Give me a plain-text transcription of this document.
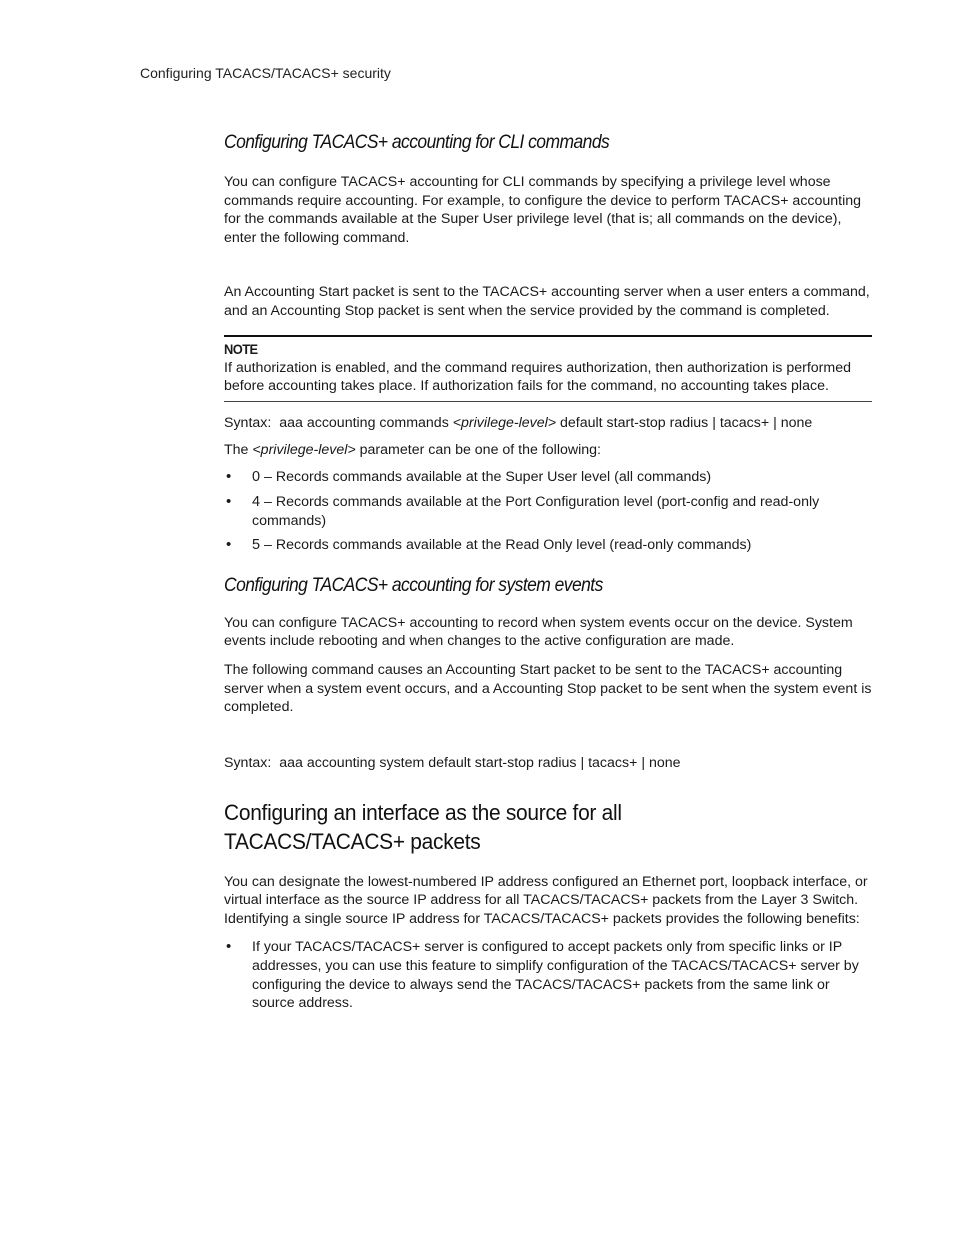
Configuring TACACS/TACACS+ security
Configuring TACACS+ accounting for CLI commands

You can configure TACACS+ accounting for CLI commands by specifying a privilege level whose commands require accounting. For example, to configure the device to perform TACACS+ accounting for the commands available at the Super User privilege level (that is; all commands on the device), enter the following command.

An Accounting Start packet is sent to the TACACS+ accounting server when a user enters a command, and an Accounting Stop packet is sent when the service provided by the command is completed.

NOTE

If authorization is enabled, and the command requires authorization, then authorization is performed before accounting takes place. If authorization fails for the command, no accounting takes place.

Syntax: aaa accounting commands <privilege-level> default start-stop radius | tacacs+ | none

The <privilege-level> parameter can be one of the following:

• 0 – Records commands available at the Super User level (all commands)
• 4 – Records commands available at the Port Configuration level (port-config and read-only commands)
• 5 – Records commands available at the Read Only level (read-only commands)
Configuring TACACS+ accounting for system events

You can configure TACACS+ accounting to record when system events occur on the device. System events include rebooting and when changes to the active configuration are made.

The following command causes an Accounting Start packet to be sent to the TACACS+ accounting server when a system event occurs, and a Accounting Stop packet to be sent when the system event is completed.

Syntax: aaa accounting system default start-stop radius | tacacs+ | none
Configuring an interface as the source for all
TACACS/TACACS+ packets

You can designate the lowest-numbered IP address configured an Ethernet port, loopback interface, or virtual interface as the source IP address for all TACACS/TACACS+ packets from the Layer 3 Switch. Identifying a single source IP address for TACACS/TACACS+ packets provides the following benefits:

• If your TACACS/TACACS+ server is configured to accept packets only from specific links or IP addresses, you can use this feature to simplify configuration of the TACACS/TACACS+ server by configuring the device to always send the TACACS/TACACS+ packets from the same link or source address.
